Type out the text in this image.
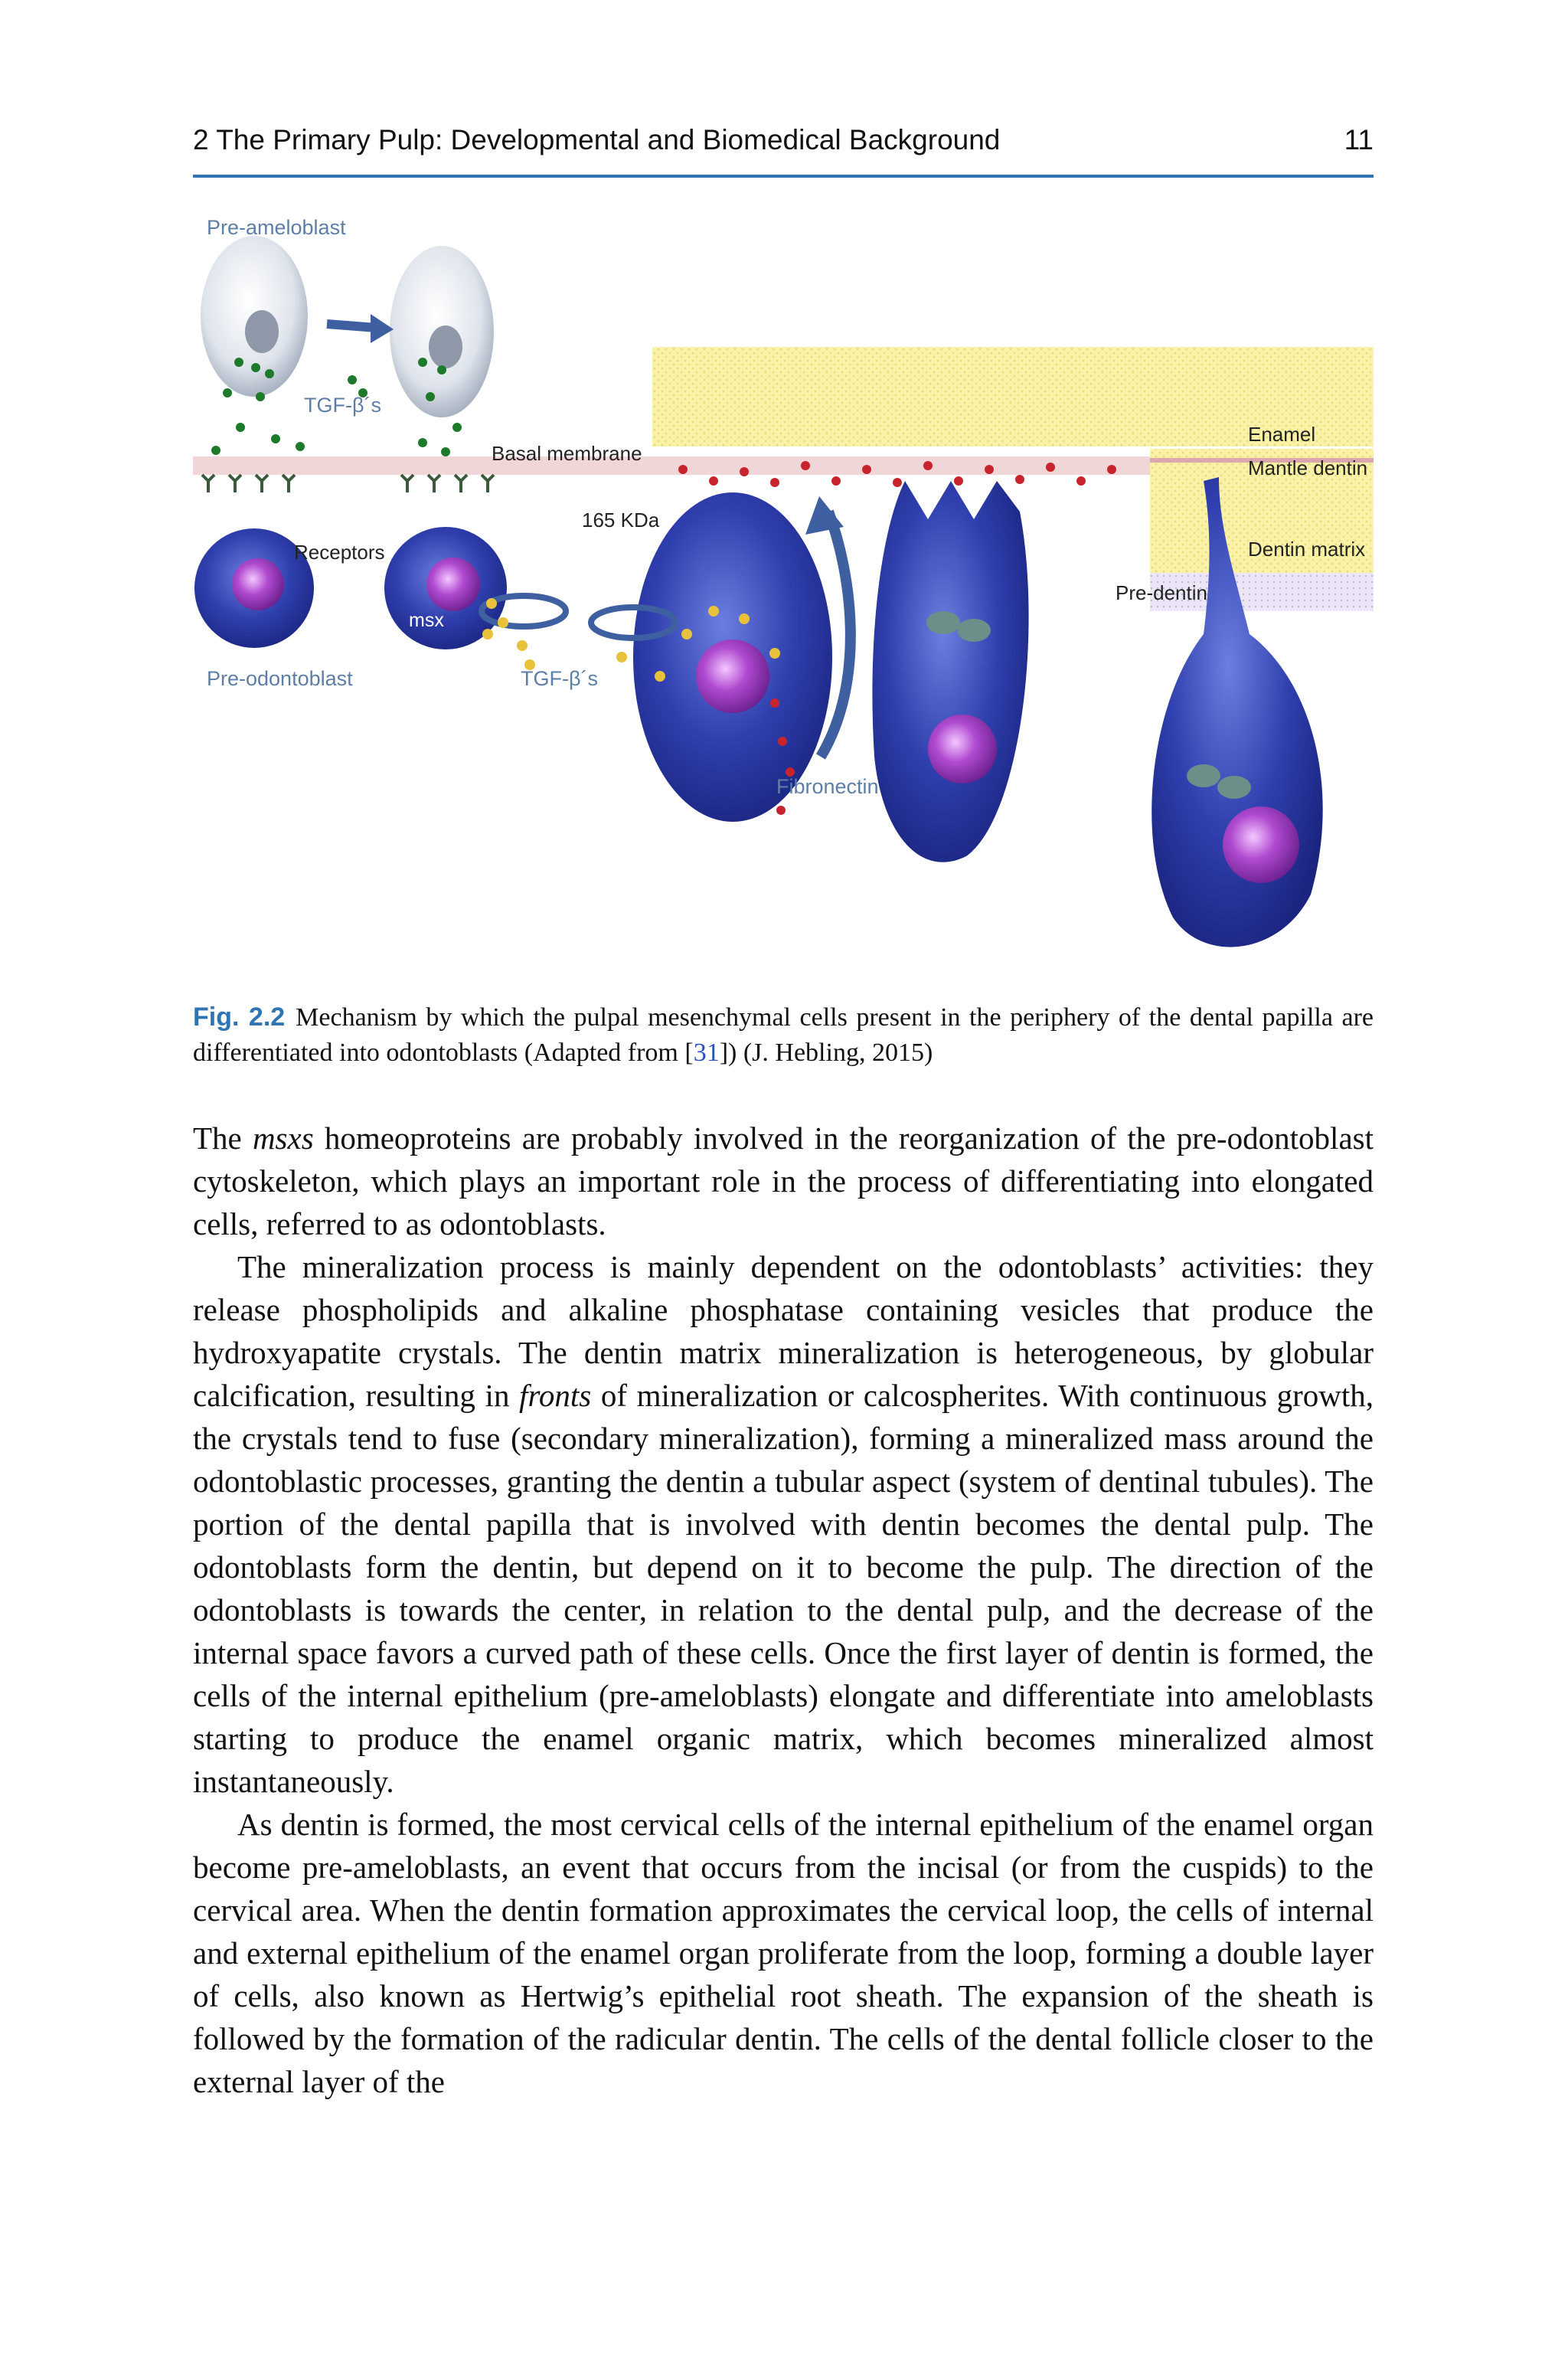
2 The Primary Pulp: Developmental and Biomedical Background	11
Pre-ameloblast
TGF-β´s
Basal membrane
165 KDa
Receptors
msx
Pre-odontoblast	TGF-β´s
Fibronectin
Enamel
Mantle dentin
Dentin matrix
Pre-dentin
Fig. 2.2 Mechanism by which the pulpal mesenchymal cells present in the periphery of the dental papilla are differentiated into odontoblasts (Adapted from [31]) (J. Hebling, 2015)

The msxs homeoproteins are probably involved in the reorganization of the pre-odontoblast cytoskeleton, which plays an important role in the process of differentiating into elongated cells, referred to as odontoblasts.

The mineralization process is mainly dependent on the odontoblasts’ activities: they release phospholipids and alkaline phosphatase containing vesicles that produce the hydroxyapatite crystals. The dentin matrix mineralization is heterogeneous, by globular calcification, resulting in fronts of mineralization or calcospherites. With continuous growth, the crystals tend to fuse (secondary mineralization), forming a mineralized mass around the odontoblastic processes, granting the dentin a tubular aspect (system of dentinal tubules). The portion of the dental papilla that is involved with dentin becomes the dental pulp. The odontoblasts form the dentin, but depend on it to become the pulp. The direction of the odontoblasts is towards the center, in relation to the dental pulp, and the decrease of the internal space favors a curved path of these cells. Once the first layer of dentin is formed, the cells of the internal epithelium (pre-ameloblasts) elongate and differentiate into ameloblasts starting to produce the enamel organic matrix, which becomes mineralized almost instantaneously.

As dentin is formed, the most cervical cells of the internal epithelium of the enamel organ become pre-ameloblasts, an event that occurs from the incisal (or from the cuspids) to the cervical area. When the dentin formation approximates the cervical loop, the cells of internal and external epithelium of the enamel organ proliferate from the loop, forming a double layer of cells, also known as Hertwig’s epithelial root sheath. The expansion of the sheath is followed by the formation of the radicular dentin. The cells of the dental follicle closer to the external layer of the
